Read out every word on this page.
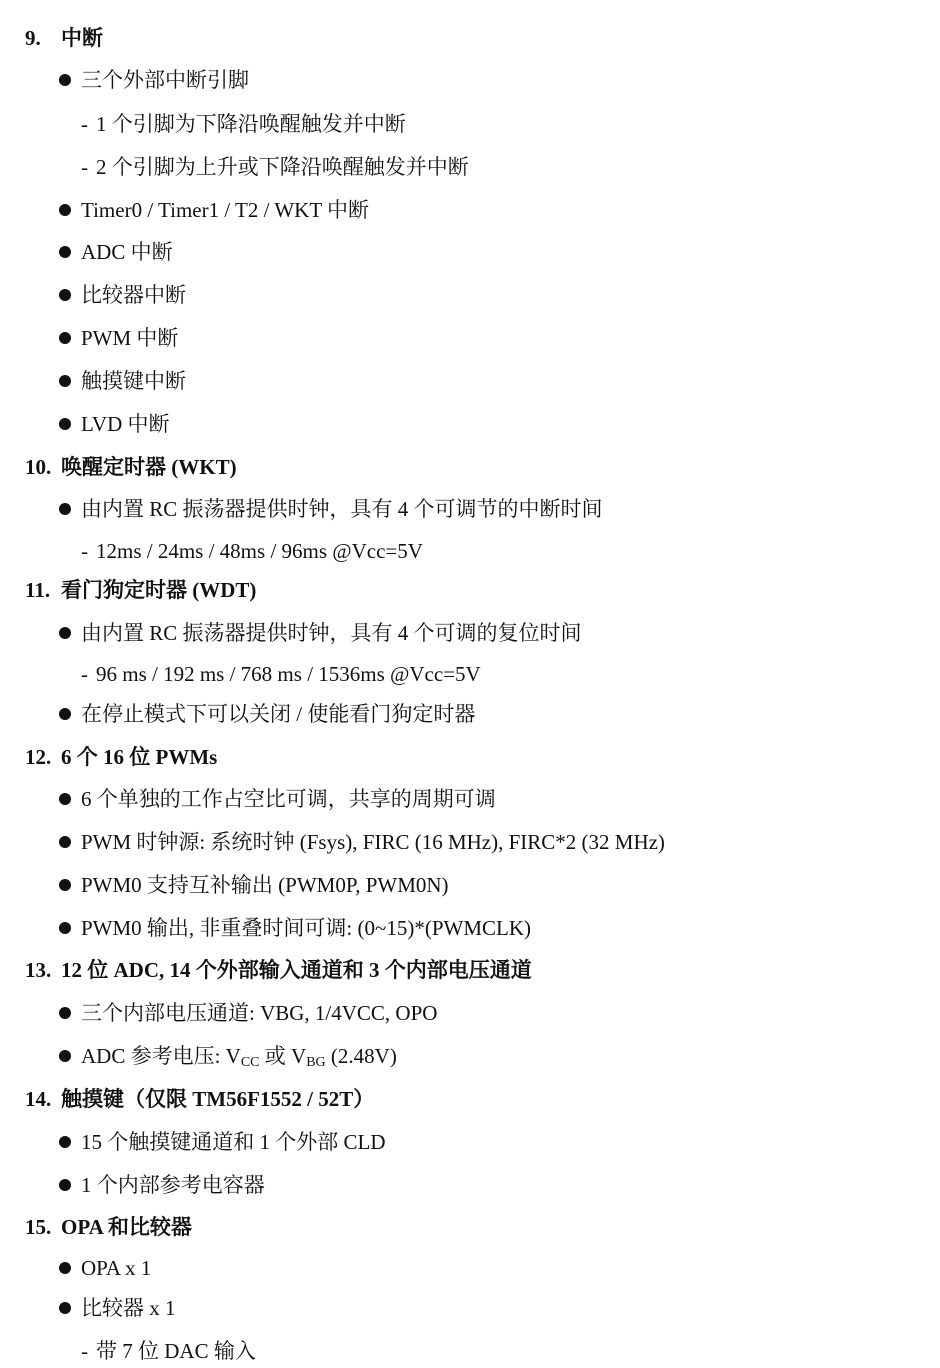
9. 中断
三个外部中断引脚
- 1 个引脚为下降沿唤醒触发并中断
- 2 个引脚为上升或下降沿唤醒触发并中断
Timer0 / Timer1 / T2 / WKT 中断
ADC 中断
比较器中断
PWM 中断
触摸键中断
LVD 中断
10. 唤醒定时器 (WKT)
由内置 RC 振荡器提供时钟，具有 4 个可调节的中断时间
- 12ms / 24ms / 48ms / 96ms @Vcc=5V
11. 看门狗定时器 (WDT)
由内置 RC 振荡器提供时钟，具有 4 个可调的复位时间
- 96 ms / 192 ms / 768 ms / 1536ms @Vcc=5V
在停止模式下可以关闭 / 使能看门狗定时器
12. 6 个 16 位 PWMs
6 个单独的工作占空比可调，共享的周期可调
PWM 时钟源: 系统时钟 (Fsys), FIRC (16 MHz), FIRC*2 (32 MHz)
PWM0 支持互补输出 (PWM0P, PWM0N)
PWM0 输出, 非重叠时间可调: (0~15)*(PWMCLK)
13. 12 位 ADC, 14 个外部输入通道和 3 个内部电压通道
三个内部电压通道: VBG, 1/4VCC, OPO
ADC 参考电压: $V_{CC}$ 或 $V_{BG}$ (2.48V)
14. 触摸键（仅限 TM56F1552 / 52T）
15 个触摸键通道和 1 个外部 CLD
1 个内部参考电容器
15. OPA 和比较器
OPA x 1
比较器 x 1
- 带 7 位 DAC 输入
